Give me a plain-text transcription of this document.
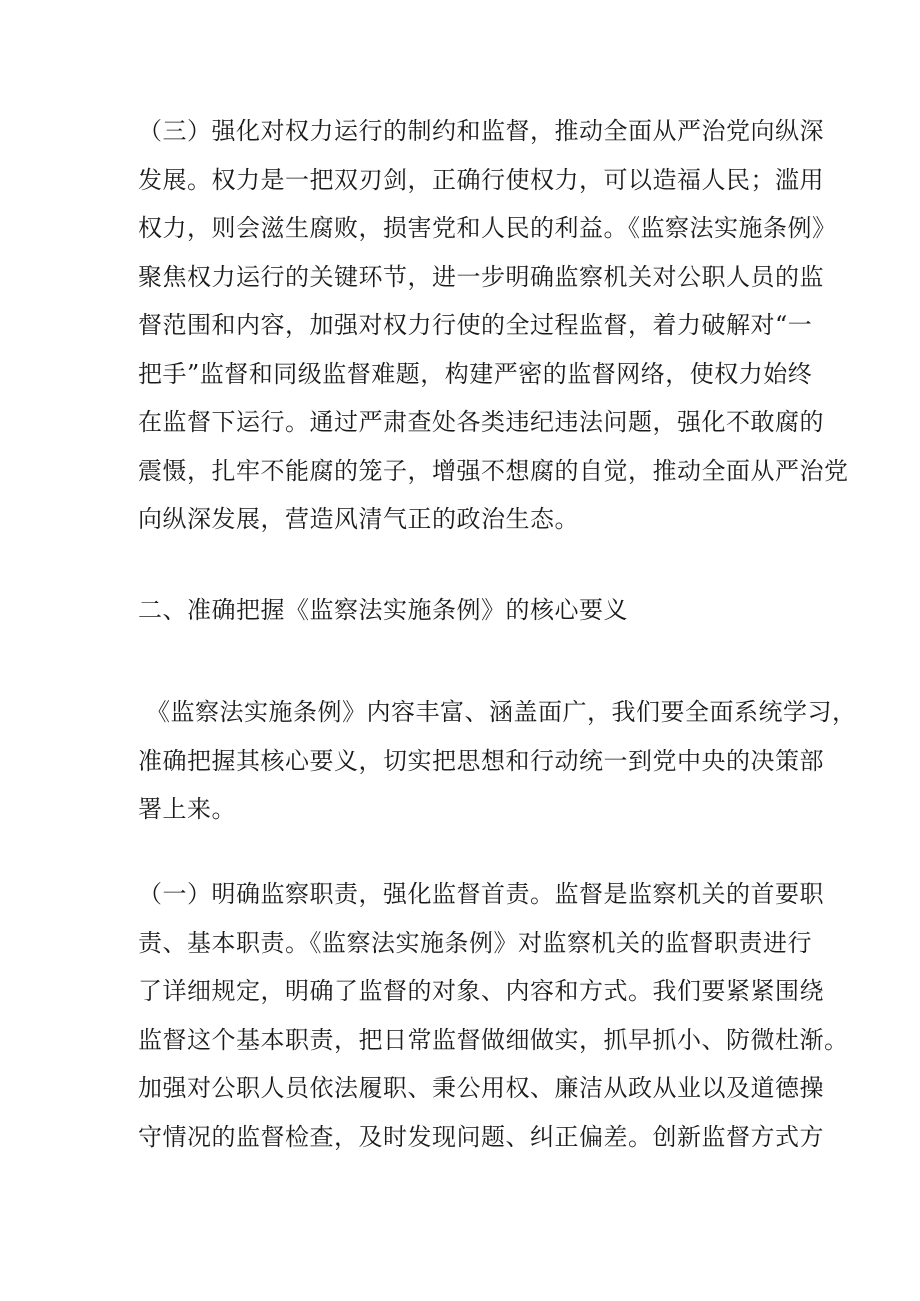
（三）强化对权力运行的制约和监督，推动全面从严治党向纵深
发展。权力是一把双刃剑，正确行使权力，可以造福人民；滥用
权力，则会滋生腐败，损害党和人民的利益。《监察法实施条例》
聚焦权力运行的关键环节，进一步明确监察机关对公职人员的监
督范围和内容，加强对权力行使的全过程监督，着力破解对“一
把手”监督和同级监督难题，构建严密的监督网络，使权力始终
在监督下运行。通过严肃查处各类违纪违法问题，强化不敢腐的
震慑，扎牢不能腐的笼子，增强不想腐的自觉，推动全面从严治党
向纵深发展，营造风清气正的政治生态。
二、准确把握《监察法实施条例》的核心要义
《监察法实施条例》内容丰富、涵盖面广，我们要全面系统学习，
准确把握其核心要义，切实把思想和行动统一到党中央的决策部
署上来。
（一）明确监察职责，强化监督首责。监督是监察机关的首要职
责、基本职责。《监察法实施条例》对监察机关的监督职责进行
了详细规定，明确了监督的对象、内容和方式。我们要紧紧围绕
监督这个基本职责，把日常监督做细做实，抓早抓小、防微杜渐。
加强对公职人员依法履职、秉公用权、廉洁从政从业以及道德操
守情况的监督检查，及时发现问题、纠正偏差。创新监督方式方
